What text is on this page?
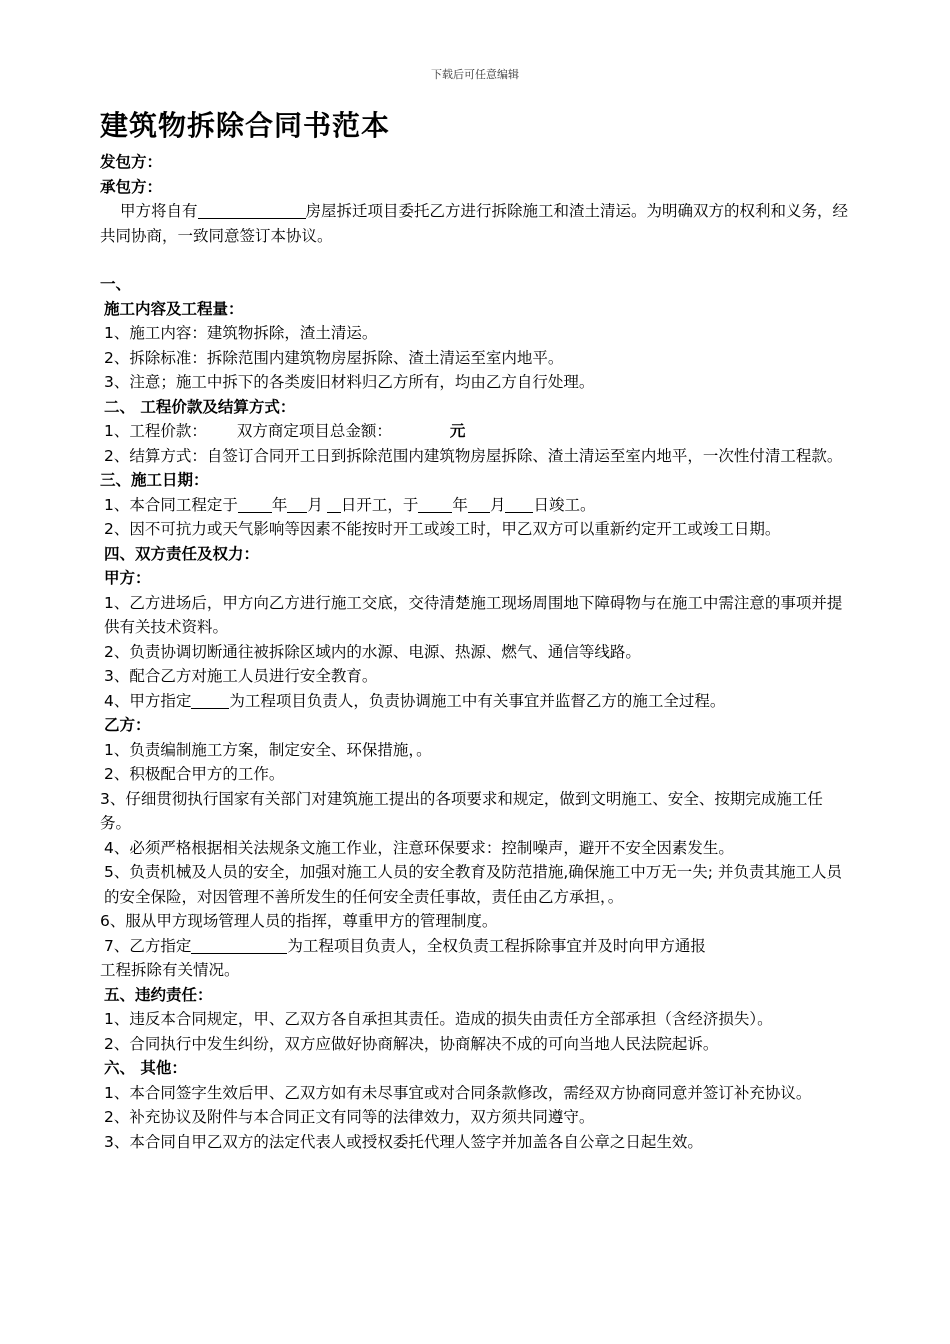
下载后可任意编辑
建筑物拆除合同书范本
发包方：
承包方：
甲方将自有	房屋拆迁项目委托乙方进行拆除施工和渣土清运。为明确双方的权利和义务，经共同协商，一致同意签订本协议。
一、
施工内容及工程量：
1、施工内容：建筑物拆除，渣土清运。
2、拆除标准：拆除范围内建筑物房屋拆除、渣土清运至室内地平。
3、注意；施工中拆下的各类废旧材料归乙方所有，均由乙方自行处理。
二、 工程价款及结算方式：
1、工程价款： 双方商定项目总金额：	元
2、结算方式：自签订合同开工日到拆除范围内建筑物房屋拆除、渣土清运至室内地平，一次性付清工程款。
三、施工日期：
1、本合同工程定于 年 月 日开工，于 年 月 日竣工。
2、因不可抗力或天气影响等因素不能按时开工或竣工时，甲乙双方可以重新约定开工或竣工日期。
四、双方责任及权力：
甲方：
1、乙方进场后，甲方向乙方进行施工交底，交待清楚施工现场周围地下障碍物与在施工中需注意的事项并提供有关技术资料。
2、负责协调切断通往被拆除区域内的水源、电源、热源、燃气、通信等线路。
3、配合乙方对施工人员进行安全教育。
4、甲方指定 为工程项目负责人，负责协调施工中有关事宜并监督乙方的施工全过程。
乙方：
1、负责编制施工方案，制定安全、环保措施，。
2、积极配合甲方的工作。
3、仔细贯彻执行国家有关部门对建筑施工提出的各项要求和规定，做到文明施工、安全、按期完成施工任务。
4、必须严格根据相关法规条文施工作业，注意环保要求：控制噪声，避开不安全因素发生。
5、负责机械及人员的安全，加强对施工人员的安全教育及防范措施,确保施工中万无一失; 并负责其施工人员的安全保险，对因管理不善所发生的任何安全责任事故，责任由乙方承担，。
6、服从甲方现场管理人员的指挥，尊重甲方的管理制度。
7、乙方指定	为工程项目负责人，全权负责工程拆除事宜并及时向甲方通报
工程拆除有关情况。
五、违约责任：
1、违反本合同规定，甲、乙双方各自承担其责任。造成的损失由责任方全部承担（含经济损失）。
2、合同执行中发生纠纷，双方应做好协商解决，协商解决不成的可向当地人民法院起诉。
六、 其他：
1、本合同签字生效后甲、乙双方如有未尽事宜或对合同条款修改，需经双方协商同意并签订补充协议。
2、补充协议及附件与本合同正文有同等的法律效力，双方须共同遵守。
3、本合同自甲乙双方的法定代表人或授权委托代理人签字并加盖各自公章之日起生效。
